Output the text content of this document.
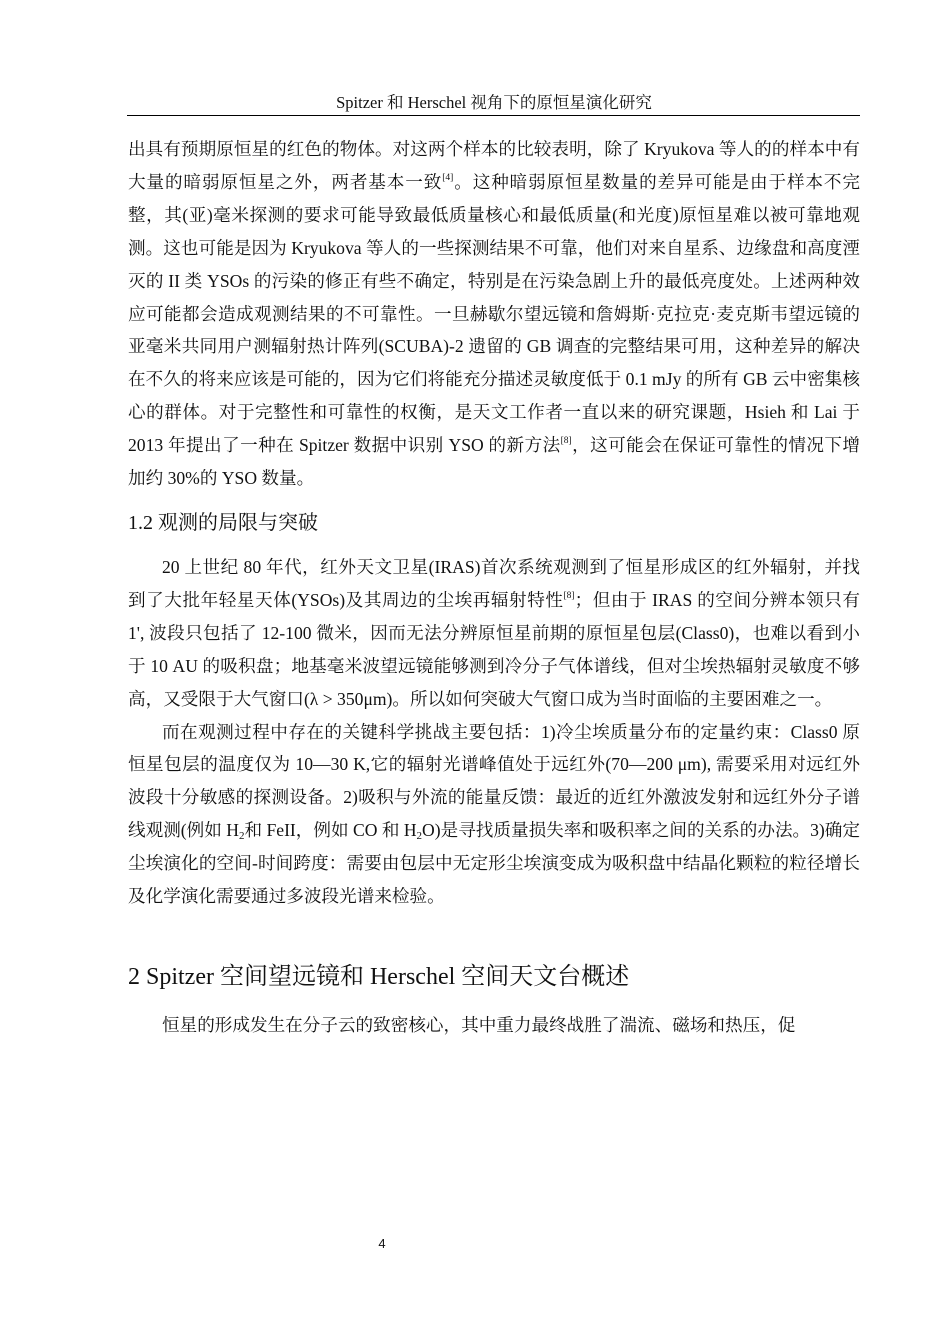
Spitzer 和 Herschel 视角下的原恒星演化研究

出具有预期原恒星的红色的物体。对这两个样本的比较表明，除了 Kryukova 等人的的样本中有大量的暗弱原恒星之外，两者基本一致[4]。这种暗弱原恒星数量的差异可能是由于样本不完整，其(亚)毫米探测的要求可能导致最低质量核心和最低质量(和光度)原恒星难以被可靠地观测。这也可能是因为 Kryukova 等人的一些探测结果不可靠，他们对来自星系、边缘盘和高度湮灭的 II 类 YSOs 的污染的修正有些不确定，特别是在污染急剧上升的最低亮度处。上述两种效应可能都会造成观测结果的不可靠性。一旦赫歇尔望远镜和詹姆斯·克拉克·麦克斯韦望远镜的亚毫米共同用户测辐射热计阵列(SCUBA)-2 遗留的 GB 调查的完整结果可用，这种差异的解决在不久的将来应该是可能的，因为它们将能充分描述灵敏度低于 0.1 mJy 的所有 GB 云中密集核心的群体。对于完整性和可靠性的权衡，是天文工作者一直以来的研究课题，Hsieh 和 Lai 于 2013 年提出了一种在 Spitzer 数据中识别 YSO 的新方法[8]，这可能会在保证可靠性的情况下增加约 30%的 YSO 数量。

1.2 观测的局限与突破

20 上世纪 80 年代，红外天文卫星(IRAS)首次系统观测到了恒星形成区的红外辐射，并找到了大批年轻星天体(YSOs)及其周边的尘埃再辐射特性[8]；但由于 IRAS 的空间分辨本领只有 1', 波段只包括了 12-100 微米，因而无法分辨原恒星前期的原恒星包层(Class0)，也难以看到小于 10 AU 的吸积盘；地基毫米波望远镜能够测到冷分子气体谱线，但对尘埃热辐射灵敏度不够高，又受限于大气窗口(λ > 350μm)。所以如何突破大气窗口成为当时面临的主要困难之一。

而在观测过程中存在的关键科学挑战主要包括：1)冷尘埃质量分布的定量约束：Class0 原恒星包层的温度仅为 10—30 K,它的辐射光谱峰值处于远红外(70—200 μm), 需要采用对远红外波段十分敏感的探测设备。2)吸积与外流的能量反馈：最近的近红外激波发射和远红外分子谱线观测(例如 $H_2$和 FeII，例如 CO 和 $H_2O$)是寻找质量损失率和吸积率之间的关系的办法。3)确定尘埃演化的空间-时间跨度：需要由包层中无定形尘埃演变成为吸积盘中结晶化颗粒的粒径增长及化学演化需要通过多波段光谱来检验。

2 Spitzer 空间望远镜和 Herschel 空间天文台概述

恒星的形成发生在分子云的致密核心，其中重力最终战胜了湍流、磁场和热压，促

4
